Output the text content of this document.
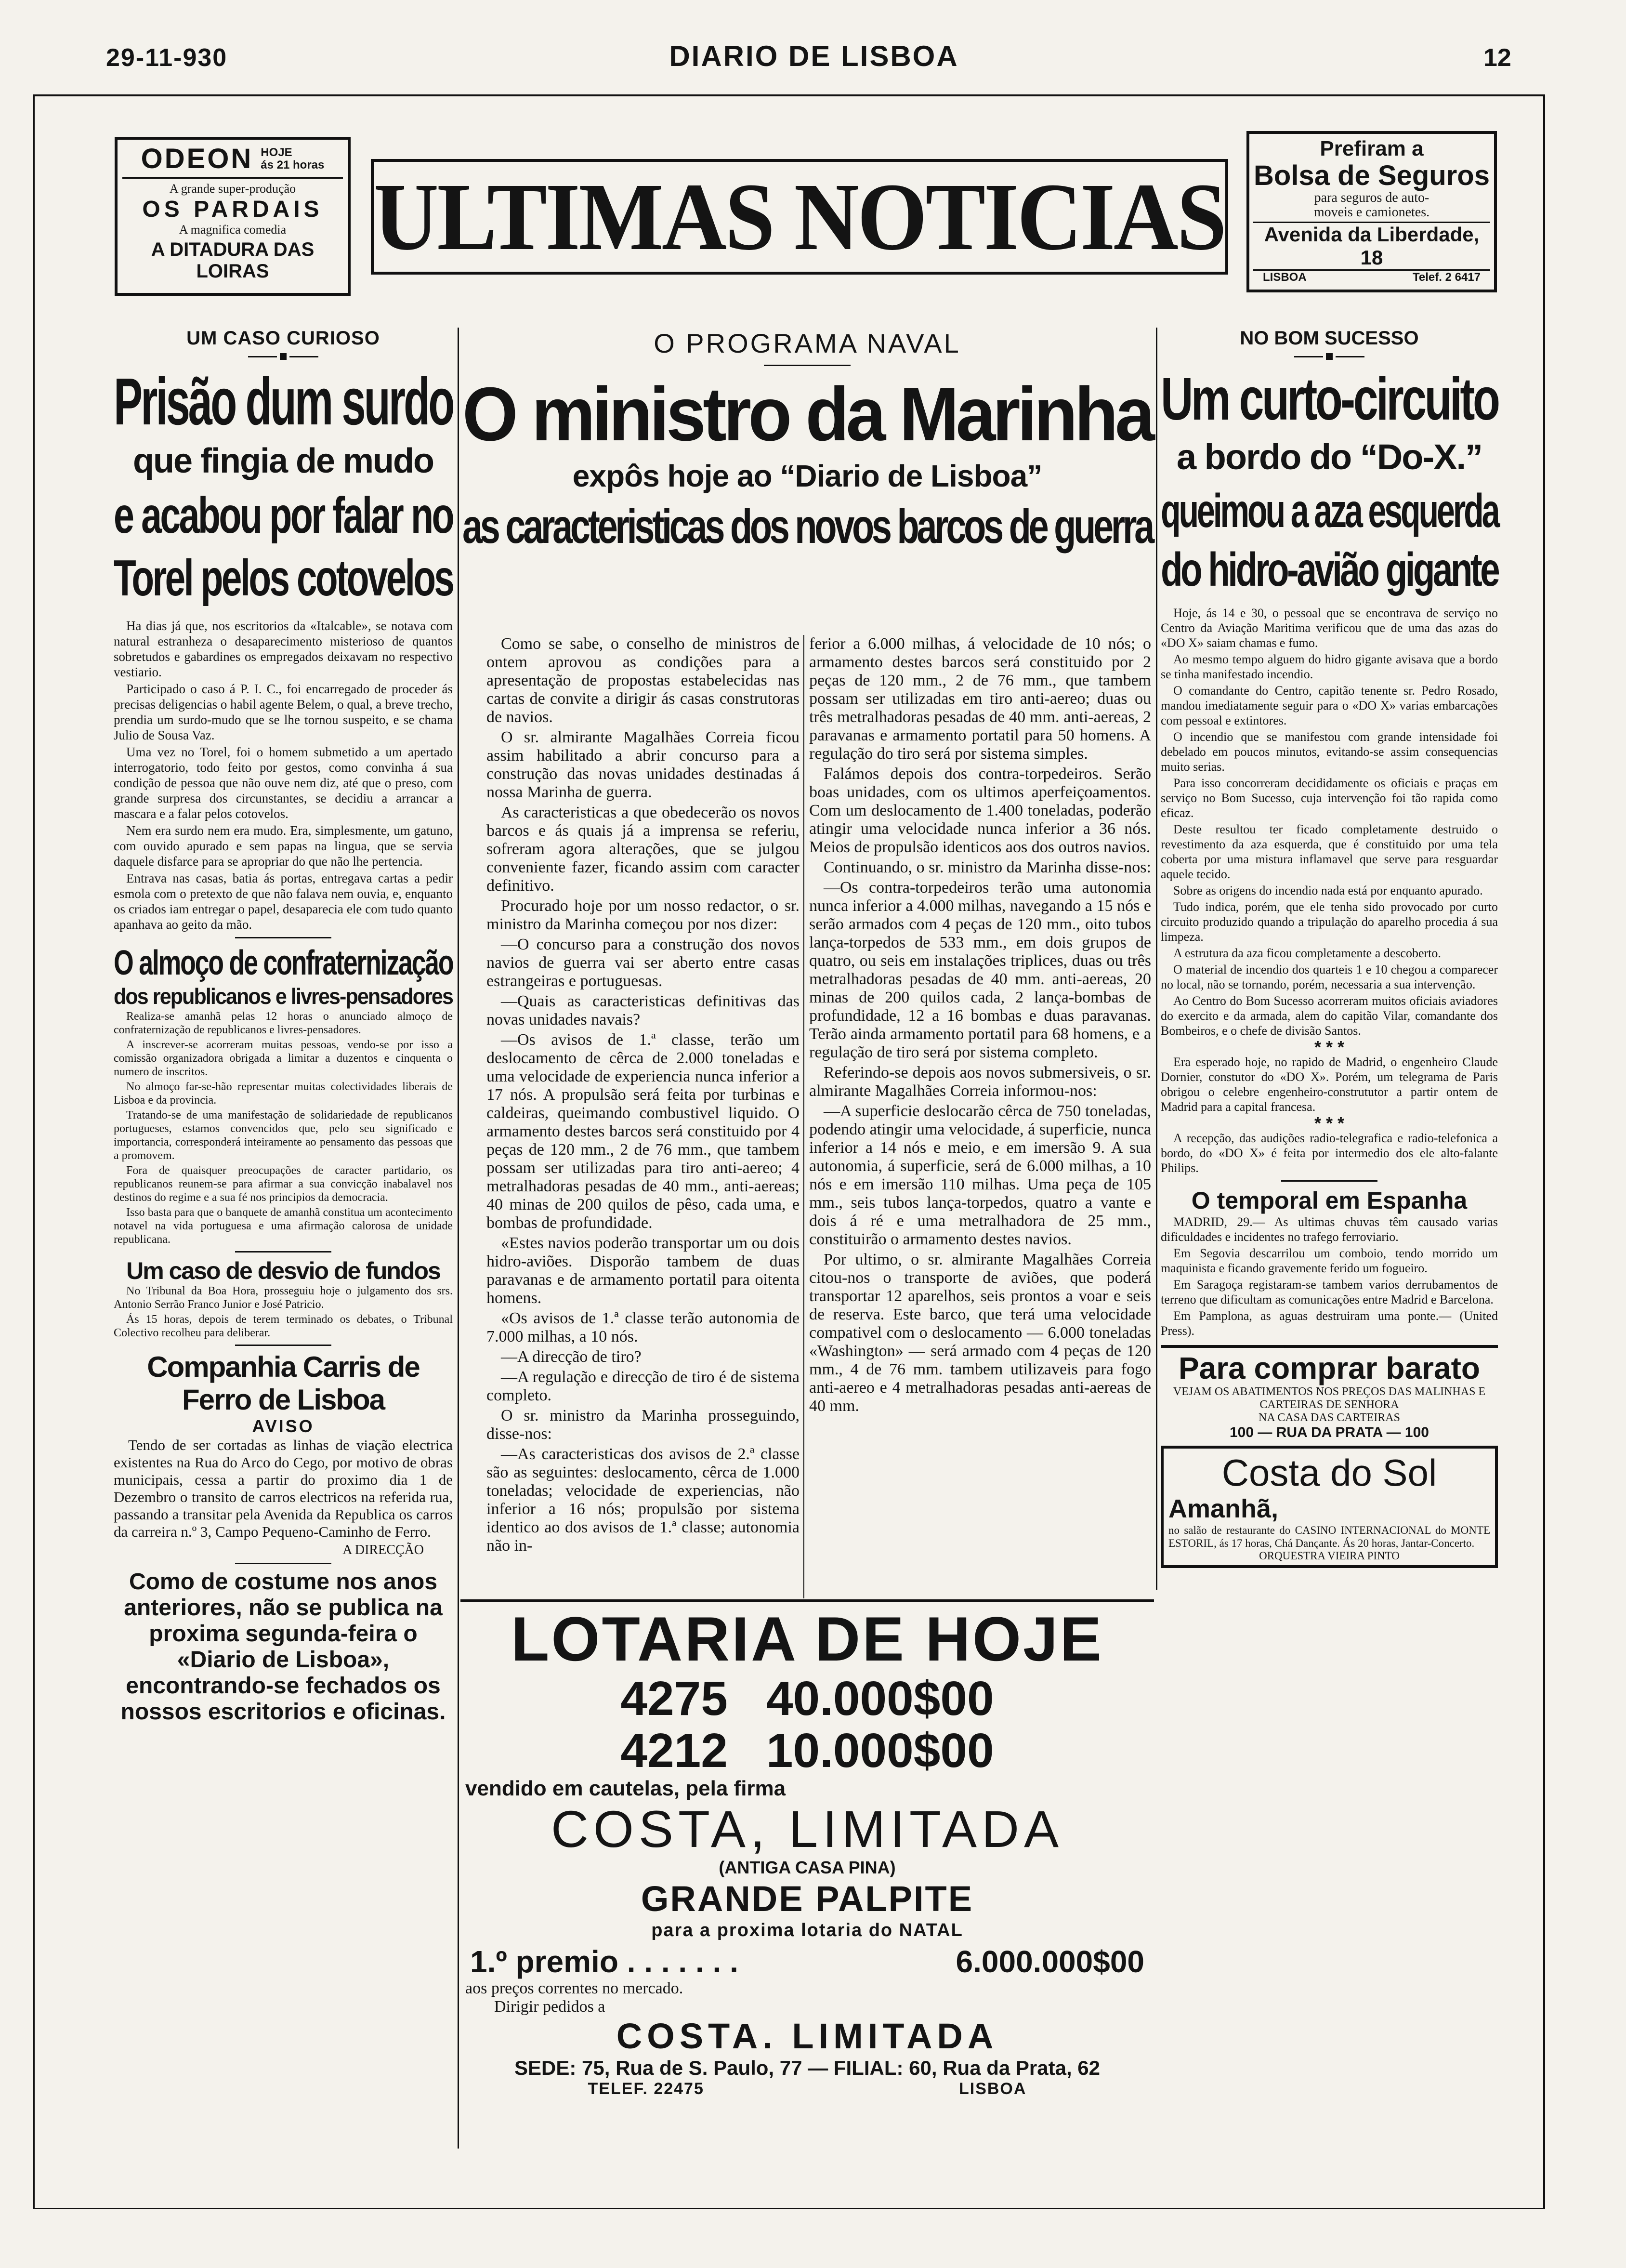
29-11-930	DIARIO DE LISBOA	12
ODEON HOJE
ás 21 horas
A grande super-produção
OS PARDAIS
A magnifica comedia
A DITADURA DAS LOIRAS
ULTIMAS NOTICIAS
Prefiram a
Bolsa de Seguros
para seguros de auto-
moveis e camionetes.
Avenida da Liberdade, 18
LISBOA	Telef. 2 6417
UM CASO CURIOSO
Prisão dum surdo
que fingia de mudo
e acabou por falar no
Torel pelos cotovelos

Ha dias já que, nos escritorios da «Italcable», se notava com natural estranheza o desaparecimento misterioso de quantos sobretudos e gabardines os empregados deixavam no respectivo vestiario.

Participado o caso á P. I. C., foi encarregado de proceder ás precisas deligencias o habil agente Belem, o qual, a breve trecho, prendia um surdo-mudo que se lhe tornou suspeito, e se chama Julio de Sousa Vaz.

Uma vez no Torel, foi o homem submetido a um apertado interrogatorio, todo feito por gestos, como convinha á sua condição de pessoa que não ouve nem diz, até que o preso, com grande surpresa dos circunstantes, se decidiu a arrancar a mascara e a falar pelos cotovelos.

Nem era surdo nem era mudo. Era, simplesmente, um gatuno, com ouvido apurado e sem papas na lingua, que se servia daquele disfarce para se apropriar do que não lhe pertencia.

Entrava nas casas, batia ás portas, entregava cartas a pedir esmola com o pretexto de que não falava nem ouvia, e, enquanto os criados iam entregar o papel, desaparecia ele com tudo quanto apanhava ao geito da mão.

O almoço de confraternização
dos republicanos e livres-pensadores

Realiza-se amanhã pelas 12 horas o anunciado almoço de confraternização de republicanos e livres-pensadores.

A inscrever-se acorreram muitas pessoas, vendo-se por isso a comissão organizadora obrigada a limitar a duzentos e cinquenta o numero de inscritos.

No almoço far-se-hão representar muitas colectividades liberais de Lisboa e da provincia.

Tratando-se de uma manifestação de solidariedade de republicanos portugueses, estamos convencidos que, pelo seu significado e importancia, corresponderá inteiramente ao pensamento das pessoas que a promovem.

Fora de quaisquer preocupações de caracter partidario, os republicanos reunem-se para afirmar a sua convicção inabalavel nos destinos do regime e a sua fé nos principios da democracia.

Isso basta para que o banquete de amanhã constitua um acontecimento notavel na vida portuguesa e uma afirmação calorosa de unidade republicana.

Um caso de desvio de fundos

No Tribunal da Boa Hora, prosseguiu hoje o julgamento dos srs. Antonio Serrão Franco Junior e José Patricio.

Ás 15 horas, depois de terem terminado os debates, o Tribunal Colectivo recolheu para deliberar.

Companhia Carris de Ferro de Lisboa
AVISO

Tendo de ser cortadas as linhas de viação electrica existentes na Rua do Arco do Cego, por motivo de obras municipais, cessa a partir do proximo dia 1 de Dezembro o transito de carros electricos na referida rua, passando a transitar pela Avenida da Republica os carros da carreira n.º 3, Campo Pequeno-Caminho de Ferro.

A DIRECÇÃO
Como de costume nos anos anteriores, não se publica na proxima segunda-feira o «Diario de Lisboa», encontrando-se fechados os nossos escritorios e oficinas.
O PROGRAMA NAVAL
O ministro da Marinha
expôs hoje ao “Diario de Lisboa”
as caracteristicas dos novos barcos de guerra

Como se sabe, o conselho de ministros de ontem aprovou as condições para a apresentação de propostas estabelecidas nas cartas de convite a dirigir ás casas construtoras de navios.

O sr. almirante Magalhães Correia ficou assim habilitado a abrir concurso para a construção das novas unidades destinadas á nossa Marinha de guerra.

As caracteristicas a que obedecerão os novos barcos e ás quais já a imprensa se referiu, sofreram agora alterações, que se julgou conveniente fazer, ficando assim com caracter definitivo.

Procurado hoje por um nosso redactor, o sr. ministro da Marinha começou por nos dizer:

—O concurso para a construção dos novos navios de guerra vai ser aberto entre casas estrangeiras e portuguesas.

—Quais as caracteristicas definitivas das novas unidades navais?

—Os avisos de 1.ª classe, terão um deslocamento de cêrca de 2.000 toneladas e uma velocidade de experiencia nunca inferior a 17 nós. A propulsão será feita por turbinas e caldeiras, queimando combustivel liquido. O armamento destes barcos será constituido por 4 peças de 120 mm., 2 de 76 mm., que tambem possam ser utilizadas para tiro anti-aereo; 4 metralhadoras pesadas de 40 mm., anti-aereas; 40 minas de 200 quilos de pêso, cada uma, e bombas de profundidade.

«Estes navios poderão transportar um ou dois hidro-aviões. Disporão tambem de duas paravanas e de armamento portatil para oitenta homens.

«Os avisos de 1.ª classe terão autonomia de 7.000 milhas, a 10 nós.

—A direcção de tiro?

—A regulação e direcção de tiro é de sistema completo.

O sr. ministro da Marinha prosseguindo, disse-nos:

—As caracteristicas dos avisos de 2.ª classe são as seguintes: deslocamento, cêrca de 1.000 toneladas; velocidade de experiencias, não inferior a 16 nós; propulsão por sistema identico ao dos avisos de 1.ª classe; autonomia não in-

ferior a 6.000 milhas, á velocidade de 10 nós; o armamento destes barcos será constituido por 2 peças de 120 mm., 2 de 76 mm., que tambem possam ser utilizadas em tiro anti-aereo; duas ou três metralhadoras pesadas de 40 mm. anti-aereas, 2 paravanas e armamento portatil para 50 homens. A regulação do tiro será por sistema simples.

Falámos depois dos contra-torpedeiros. Serão boas unidades, com os ultimos aperfeiçoamentos. Com um deslocamento de 1.400 toneladas, poderão atingir uma velocidade nunca inferior a 36 nós. Meios de propulsão identicos aos dos outros navios.

Continuando, o sr. ministro da Marinha disse-nos:

—Os contra-torpedeiros terão uma autonomia nunca inferior a 4.000 milhas, navegando a 15 nós e serão armados com 4 peças de 120 mm., oito tubos lança-torpedos de 533 mm., em dois grupos de quatro, ou seis em instalações triplices, duas ou três metralhadoras pesadas de 40 mm. anti-aereas, 20 minas de 200 quilos cada, 2 lança-bombas de profundidade, 12 a 16 bombas e duas paravanas. Terão ainda armamento portatil para 68 homens, e a regulação de tiro será por sistema completo.

Referindo-se depois aos novos submersiveis, o sr. almirante Magalhães Correia informou-nos:

—A superficie deslocarão cêrca de 750 toneladas, podendo atingir uma velocidade, á superficie, nunca inferior a 14 nós e meio, e em imersão 9. A sua autonomia, á superficie, será de 6.000 milhas, a 10 nós e em imersão 110 milhas. Uma peça de 105 mm., seis tubos lança-torpedos, quatro a vante e dois á ré e uma metralhadora de 25 mm., constituirão o armamento destes navios.

Por ultimo, o sr. almirante Magalhães Correia citou-nos o transporte de aviões, que poderá transportar 12 aparelhos, seis prontos a voar e seis de reserva. Este barco, que terá uma velocidade compativel com o deslocamento — 6.000 toneladas «Washington» — será armado com 4 peças de 120 mm., 4 de 76 mm. tambem utilizaveis para fogo anti-aereo e 4 metralhadoras pesadas anti-aereas de 40 mm.

LOTARIA DE HOJE
4275 40.000$00
4212 10.000$00
vendido em cautelas, pela firma
COSTA, LIMITADA
(ANTIGA CASA PINA)
GRANDE PALPITE
para a proxima lotaria do NATAL
1.º premio . . . . . . .	6.000.000$00
aos preços correntes no mercado.
Dirigir pedidos a
COSTA. LIMITADA
SEDE: 75, Rua de S. Paulo, 77 — FILIAL: 60, Rua da Prata, 62
TELEF. 22475	LISBOA
NO BOM SUCESSO
Um curto-circuito
a bordo do “Do-X.”
queimou a aza esquerda
do hidro-avião gigante

Hoje, ás 14 e 30, o pessoal que se encontrava de serviço no Centro da Aviação Maritima verificou que de uma das azas do «DO X» saiam chamas e fumo.

Ao mesmo tempo alguem do hidro gigante avisava que a bordo se tinha manifestado incendio.

O comandante do Centro, capitão tenente sr. Pedro Rosado, mandou imediatamente seguir para o «DO X» varias embarcações com pessoal e extintores.

O incendio que se manifestou com grande intensidade foi debelado em poucos minutos, evitando-se assim consequencias muito serias.

Para isso concorreram decididamente os oficiais e praças em serviço no Bom Sucesso, cuja intervenção foi tão rapida como eficaz.

Deste resultou ter ficado completamente destruido o revestimento da aza esquerda, que é constituido por uma tela coberta por uma mistura inflamavel que serve para resguardar aquele tecido.

Sobre as origens do incendio nada está por enquanto apurado.

Tudo indica, porém, que ele tenha sido provocado por curto circuito produzido quando a tripulação do aparelho procedia á sua limpeza.

A estrutura da aza ficou completamente a descoberto.

O material de incendio dos quarteis 1 e 10 chegou a comparecer no local, não se tornando, porém, necessaria a sua intervenção.

Ao Centro do Bom Sucesso acorreram muitos oficiais aviadores do exercito e da armada, alem do capitão Vilar, comandante dos Bombeiros, e o chefe de divisão Santos.

* * *

Era esperado hoje, no rapido de Madrid, o engenheiro Claude Dornier, constutor do «DO X». Porém, um telegrama de Paris obrigou o celebre engenheiro-constrututor a partir ontem de Madrid para a capital francesa.

* * *

A recepção, das audições radio-telegrafica e radio-telefonica a bordo, do «DO X» é feita por intermedio dos ele alto-falante Philips.

O temporal em Espanha

MADRID, 29.— As ultimas chuvas têm causado varias dificuldades e incidentes no trafego ferroviario.

Em Segovia descarrilou um comboio, tendo morrido um maquinista e ficando gravemente ferido um fogueiro.

Em Saragoça registaram-se tambem varios derrubamentos de terreno que dificultam as comunicações entre Madrid e Barcelona.

Em Pamplona, as aguas destruiram uma ponte.— (United Press).

Para comprar barato
VEJAM OS ABATIMENTOS NOS PREÇOS DAS MALINHAS E CARTEIRAS DE SENHORA
NA CASA DAS CARTEIRAS
100 — RUA DA PRATA — 100
Costa do Sol
Amanhã,
no salão de restaurante do CASINO INTERNACIONAL do MONTE ESTORIL, ás 17 horas, Chá Dançante. Ás 20 horas, Jantar-Concerto.
ORQUESTRA VIEIRA PINTO
